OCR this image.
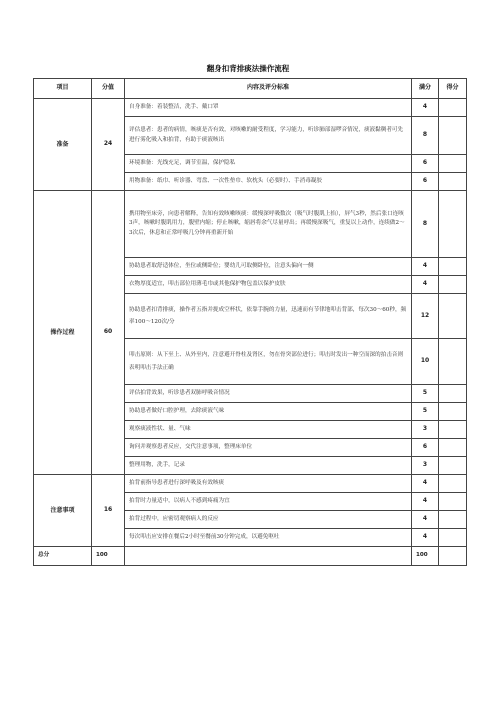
翻身扣背排痰法操作流程
项目	分值	内容及评分标准	满分	得分
准备	24	自身准备：着装整洁，洗手、戴口罩	4	
		评估患者：患者的病情，咳痰是否有效，对咳嗽的耐受程度，学习能力，听诊肺部湿啰音情况，痰液黏稠者可先进行雾化吸入和拍背，有助于痰液咳出	8	
		环境准备：光线充足，调节室温，保护隐私	6	
		用物准备：纸巾、听诊器、弯盘、一次性垫巾、软枕头（必要时）、手消毒凝胶	6	
操作过程	60	携用物至床旁，向患者解释，告知有效咳嗽咳痰：缓慢深呼吸数次（吸气时腹肌上抬），屏气3秒，然后张口连咳3声，咳嗽时腹肌用力，腹壁内缩；停止咳嗽，缩唇将余气尽量呼出；再缓慢深吸气，重复以上动作，连续做2～3次后，休息和正常呼吸几分钟再重新开始	8	
		协助患者取舒适体位，坐位或侧卧位；婴幼儿可取侧卧位，注意头偏向一侧	4	
		衣物厚度适宜，叩击部位用薄毛巾或其他保护物包盖以保护皮肤	4	
		协助患者扣背排痰，操作者五指并拢成空杯状，依靠手腕的力量，迅速而有节律地叩击背部，每次30～60秒，频率100～120次/分	12	
		叩击原则：从下至上、从外至内，注意避开脊柱及肾区，勿在骨突部位进行；叩击时发出一种空而深的拍击音则表明叩击手法正确	10	
		评估拍背效果，听诊患者双肺呼吸音情况	5	
		协助患者做好口腔护理，去除痰液气味	5	
		观察痰液性状、量、气味	3	
		询问并观察患者反应，交代注意事项，整理床单位	6	
		整理用物，洗手，记录	3	
注意事项	16	拍背前指导患者进行深呼吸及有效咳痰	4	
		拍背时力量适中，以病人不感到疼痛为宜	4	
		拍背过程中，应密切观察病人的反应	4	
		每次叩击应安排在餐后2小时至餐前30分钟完成，以避免呕吐	4	
总分	100		100	
